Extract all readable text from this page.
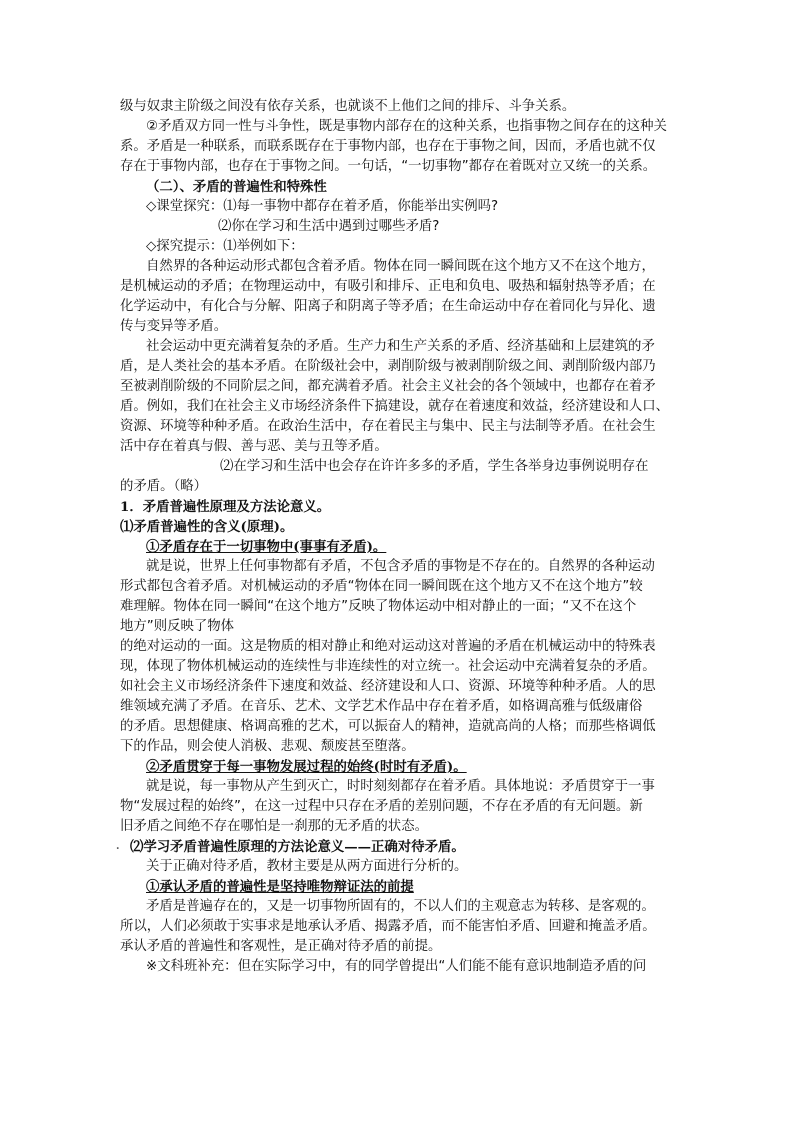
级与奴隶主阶级之间没有依存关系，也就谈不上他们之间的排斥、斗争关系。
②矛盾双方同一性与斗争性，既是事物内部存在的这种关系，也指事物之间存在的这种关
系。矛盾是一种联系，而联系既存在于事物内部，也存在于事物之间，因而，矛盾也就不仅
存在于事物内部，也存在于事物之间。一句话，“一切事物”都存在着既对立又统一的关系。
（二）、矛盾的普遍性和特殊性
◇课堂探究：⑴每一事物中都存在着矛盾，你能举出实例吗?
⑵你在学习和生活中遇到过哪些矛盾?
◇探究提示：⑴举例如下：
自然界的各种运动形式都包含着矛盾。物体在同一瞬间既在这个地方又不在这个地方，
是机械运动的矛盾；在物理运动中，有吸引和排斥、正电和负电、吸热和辐射热等矛盾；在
化学运动中，有化合与分解、阳离子和阴离子等矛盾；在生命运动中存在着同化与异化、遗
传与变异等矛盾。
社会运动中更充满着复杂的矛盾。生产力和生产关系的矛盾、经济基础和上层建筑的矛
盾，是人类社会的基本矛盾。在阶级社会中，剥削阶级与被剥削阶级之间、剥削阶级内部乃
至被剥削阶级的不同阶层之间，都充满着矛盾。社会主义社会的各个领域中，也都存在着矛
盾。例如，我们在社会主义市场经济条件下搞建设，就存在着速度和效益，经济建设和人口、
资源、环境等种种矛盾。在政治生活中，存在着民主与集中、民主与法制等矛盾。在社会生
活中存在着真与假、善与恶、美与丑等矛盾。
⑵在学习和生活中也会存在许许多多的矛盾，学生各举身边事例说明存在
的矛盾。（略）
1．矛盾普遍性原理及方法论意义。
⑴矛盾普遍性的含义(原理)。
①矛盾存在于一切事物中(事事有矛盾)。
就是说，世界上任何事物都有矛盾，不包含矛盾的事物是不存在的。自然界的各种运动
形式都包含着矛盾。对机械运动的矛盾“物体在同一瞬间既在这个地方又不在这个地方”较
难理解。物体在同一瞬间“在这个地方”反映了物体运动中相对静止的一面；“又不在这个
地方”则反映了物体
的绝对运动的一面。这是物质的相对静止和绝对运动这对普遍的矛盾在机械运动中的特殊表
现，体现了物体机械运动的连续性与非连续性的对立统一。社会运动中充满着复杂的矛盾。
如社会主义市场经济条件下速度和效益、经济建设和人口、资源、环境等种种矛盾。人的思
维领域充满了矛盾。在音乐、艺术、文学艺术作品中存在着矛盾，如格调高雅与低级庸俗
的矛盾。思想健康、格调高雅的艺术，可以振奋人的精神，造就高尚的人格；而那些格调低
下的作品，则会使人消极、悲观、颓废甚至堕落。
②矛盾贯穿于每一事物发展过程的始终(时时有矛盾)。
就是说，每一事物从产生到灭亡，时时刻刻都存在着矛盾。具体地说：矛盾贯穿于一事
物“发展过程的始终”，在这一过程中只存在矛盾的差别问题，不存在矛盾的有无问题。新
旧矛盾之间绝不存在哪怕是一刹那的无矛盾的状态。
. ⑵学习矛盾普遍性原理的方法论意义——正确对待矛盾。
关于正确对待矛盾，教材主要是从两方面进行分析的。
①承认矛盾的普遍性是坚持唯物辩证法的前提
矛盾是普遍存在的，又是一切事物所固有的，不以人们的主观意志为转移、是客观的。
所以，人们必须敢于实事求是地承认矛盾、揭露矛盾，而不能害怕矛盾、回避和掩盖矛盾。
承认矛盾的普遍性和客观性，是正确对待矛盾的前提。
※文科班补充：但在实际学习中，有的同学曾提出“人们能不能有意识地制造矛盾的问
